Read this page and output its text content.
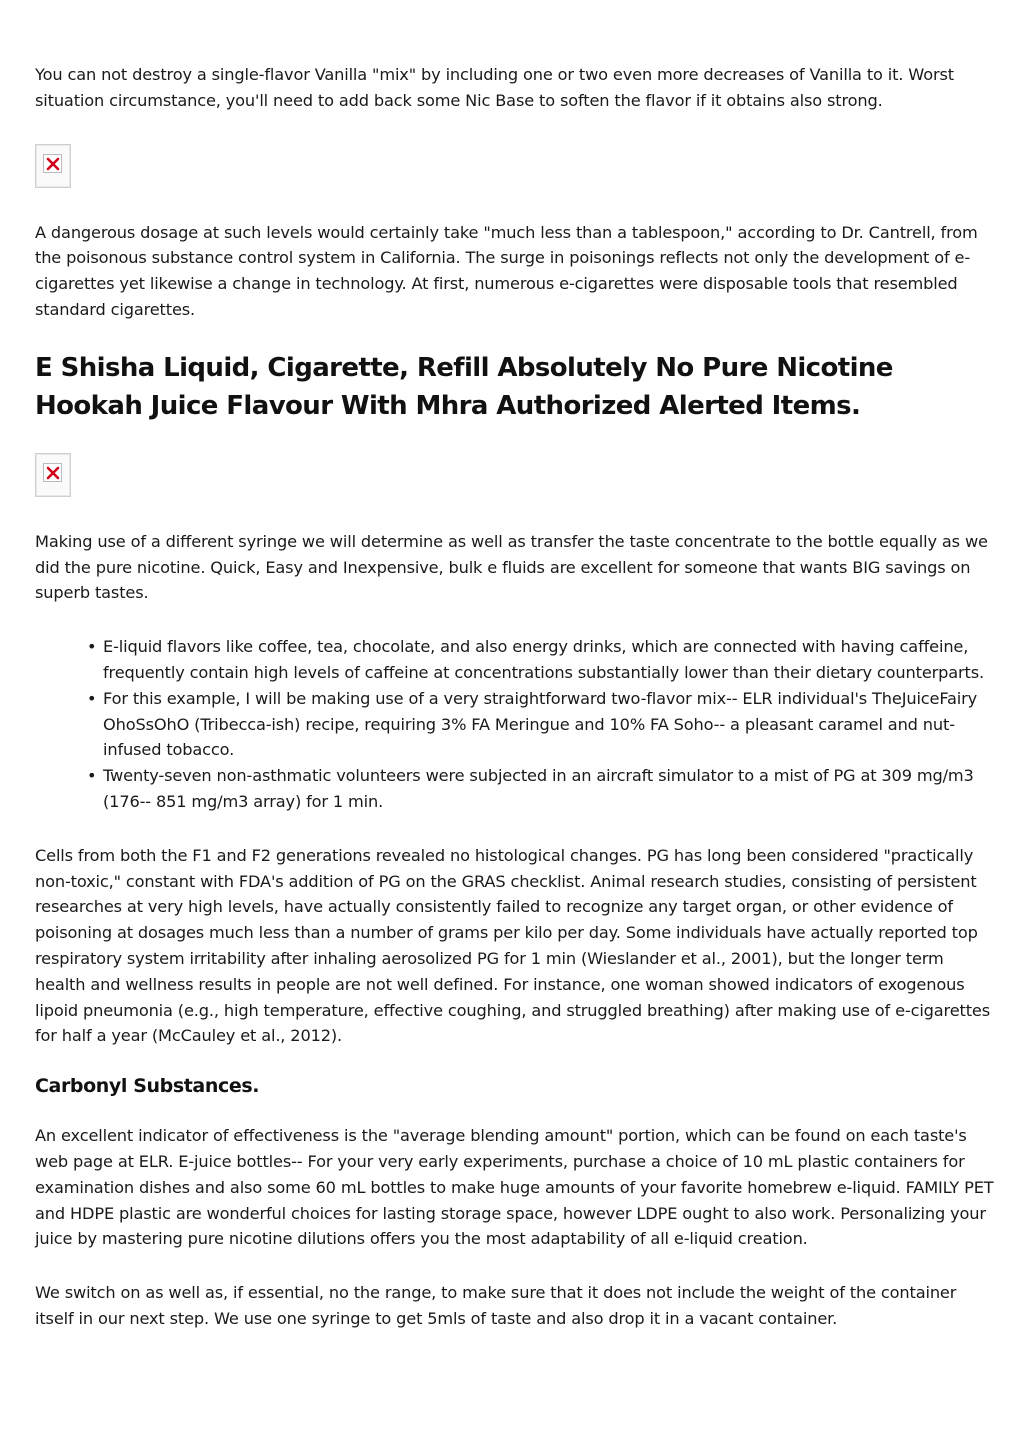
You can not destroy a single-flavor Vanilla "mix" by including one or two even more decreases of Vanilla to it. Worst situation circumstance, you'll need to add back some Nic Base to soften the flavor if it obtains also strong.

A dangerous dosage at such levels would certainly take "much less than a tablespoon," according to Dr. Cantrell, from the poisonous substance control system in California. The surge in poisonings reflects not only the development of e-cigarettes yet likewise a change in technology. At first, numerous e-cigarettes were disposable tools that resembled standard cigarettes.

E Shisha Liquid, Cigarette, Refill Absolutely No Pure Nicotine Hookah Juice Flavour With Mhra Authorized Alerted Items.

Making use of a different syringe we will determine as well as transfer the taste concentrate to the bottle equally as we did the pure nicotine. Quick, Easy and Inexpensive, bulk e fluids are excellent for someone that wants BIG savings on superb tastes.

• E-liquid flavors like coffee, tea, chocolate, and also energy drinks, which are connected with having caffeine, frequently contain high levels of caffeine at concentrations substantially lower than their dietary counterparts.
• For this example, I will be making use of a very straightforward two-flavor mix-- ELR individual's TheJuiceFairy OhoSsOhO (Tribecca-ish) recipe, requiring 3% FA Meringue and 10% FA Soho-- a pleasant caramel and nut-infused tobacco.
• Twenty-seven non-asthmatic volunteers were subjected in an aircraft simulator to a mist of PG at 309 mg/m3 (176-- 851 mg/m3 array) for 1 min.

Cells from both the F1 and F2 generations revealed no histological changes. PG has long been considered "practically non-toxic," constant with FDA's addition of PG on the GRAS checklist. Animal research studies, consisting of persistent researches at very high levels, have actually consistently failed to recognize any target organ, or other evidence of poisoning at dosages much less than a number of grams per kilo per day. Some individuals have actually reported top respiratory system irritability after inhaling aerosolized PG for 1 min (Wieslander et al., 2001), but the longer term health and wellness results in people are not well defined. For instance, one woman showed indicators of exogenous lipoid pneumonia (e.g., high temperature, effective coughing, and struggled breathing) after making use of e-cigarettes for half a year (McCauley et al., 2012).

Carbonyl Substances.

An excellent indicator of effectiveness is the "average blending amount" portion, which can be found on each taste's web page at ELR. E-juice bottles-- For your very early experiments, purchase a choice of 10 mL plastic containers for examination dishes and also some 60 mL bottles to make huge amounts of your favorite homebrew e-liquid. FAMILY PET and HDPE plastic are wonderful choices for lasting storage space, however LDPE ought to also work. Personalizing your juice by mastering pure nicotine dilutions offers you the most adaptability of all e-liquid creation.

We switch on as well as, if essential, no the range, to make sure that it does not include the weight of the container itself in our next step. We use one syringe to get 5mls of taste and also drop it in a vacant container.
